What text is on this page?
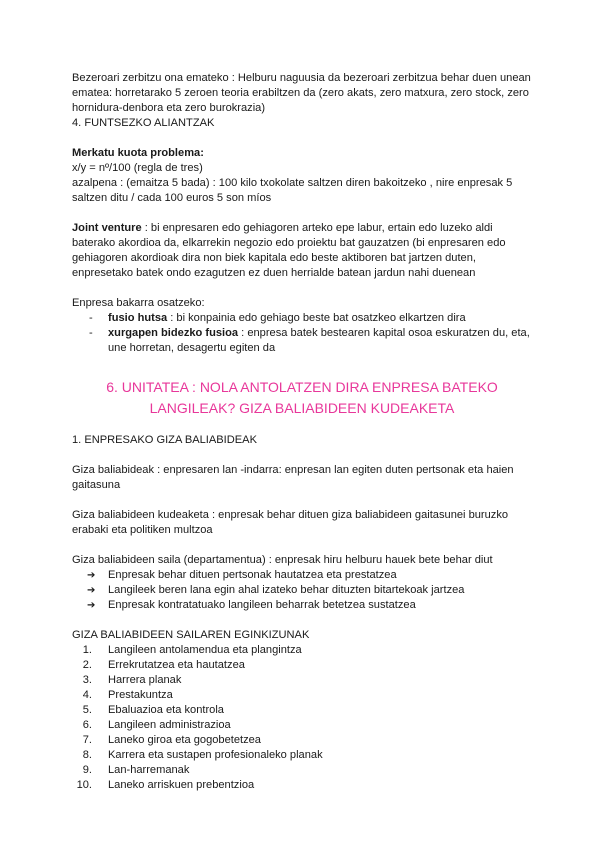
Bezeroari zerbitzu ona emateko : Helburu naguusia da bezeroari zerbitzua behar duen unean ematea: horretarako 5 zeroen teoria erabiltzen da (zero akats, zero matxura, zero stock, zero hornidura-denbora eta zero burokrazia)

4. FUNTSEZKO ALIANTZAK

Merkatu kuota problema:

x/y = nº/100 (regla de tres)

azalpena : (emaitza 5 bada) : 100 kilo txokolate saltzen diren bakoitzeko , nire enpresak 5 saltzen ditu / cada 100 euros 5 son míos

Joint venture : bi enpresaren edo gehiagoren arteko epe labur, ertain edo luzeko aldi baterako akordioa da, elkarrekin negozio edo proiektu bat gauzatzen (bi enpresaren edo gehiagoren akordioak dira non biek kapitala edo beste aktiboren bat jartzen duten, enpresetako batek ondo ezagutzen ez duen herrialde batean jardun nahi duenean

Enpresa bakarra osatzeko:

- fusio hutsa : bi konpainia edo gehiago beste bat osatzkeo elkartzen dira
- xurgapen bidezko fusioa : enpresa batek bestearen kapital osoa eskuratzen du, eta, une horretan, desagertu egiten da

6. UNITATEA : NOLA ANTOLATZEN DIRA ENPRESA BATEKO LANGILEAK? GIZA BALIABIDEEN KUDEAKETA

1. ENPRESAKO GIZA BALIABIDEAK

Giza baliabideak : enpresaren lan -indarra: enpresan lan egiten duten pertsonak eta haien gaitasuna

Giza baliabideen kudeaketa : enpresak behar dituen giza baliabideen gaitasunei buruzko erabaki eta politiken multzoa

Giza baliabideen saila (departamentua) : enpresak hiru helburu hauek bete behar diut

➔ Enpresak behar dituen pertsonak hautatzea eta prestatzea
➔ Langileek beren lana egin ahal izateko behar dituzten bitartekoak jartzea
➔ Enpresak kontratatuako langileen beharrak betetzea sustatzea

GIZA BALIABIDEEN SAILAREN EGINKIZUNAK

1. Langileen antolamendua eta plangintza
2. Errekrutatzea eta hautatzea
3. Harrera planak
4. Prestakuntza
5. Ebaluazioa eta kontrola
6. Langileen administrazioa
7. Laneko giroa eta gogobetetzea
8. Karrera eta sustapen profesionaleko planak
9. Lan-harremanak
10. Laneko arriskuen prebentzioa
